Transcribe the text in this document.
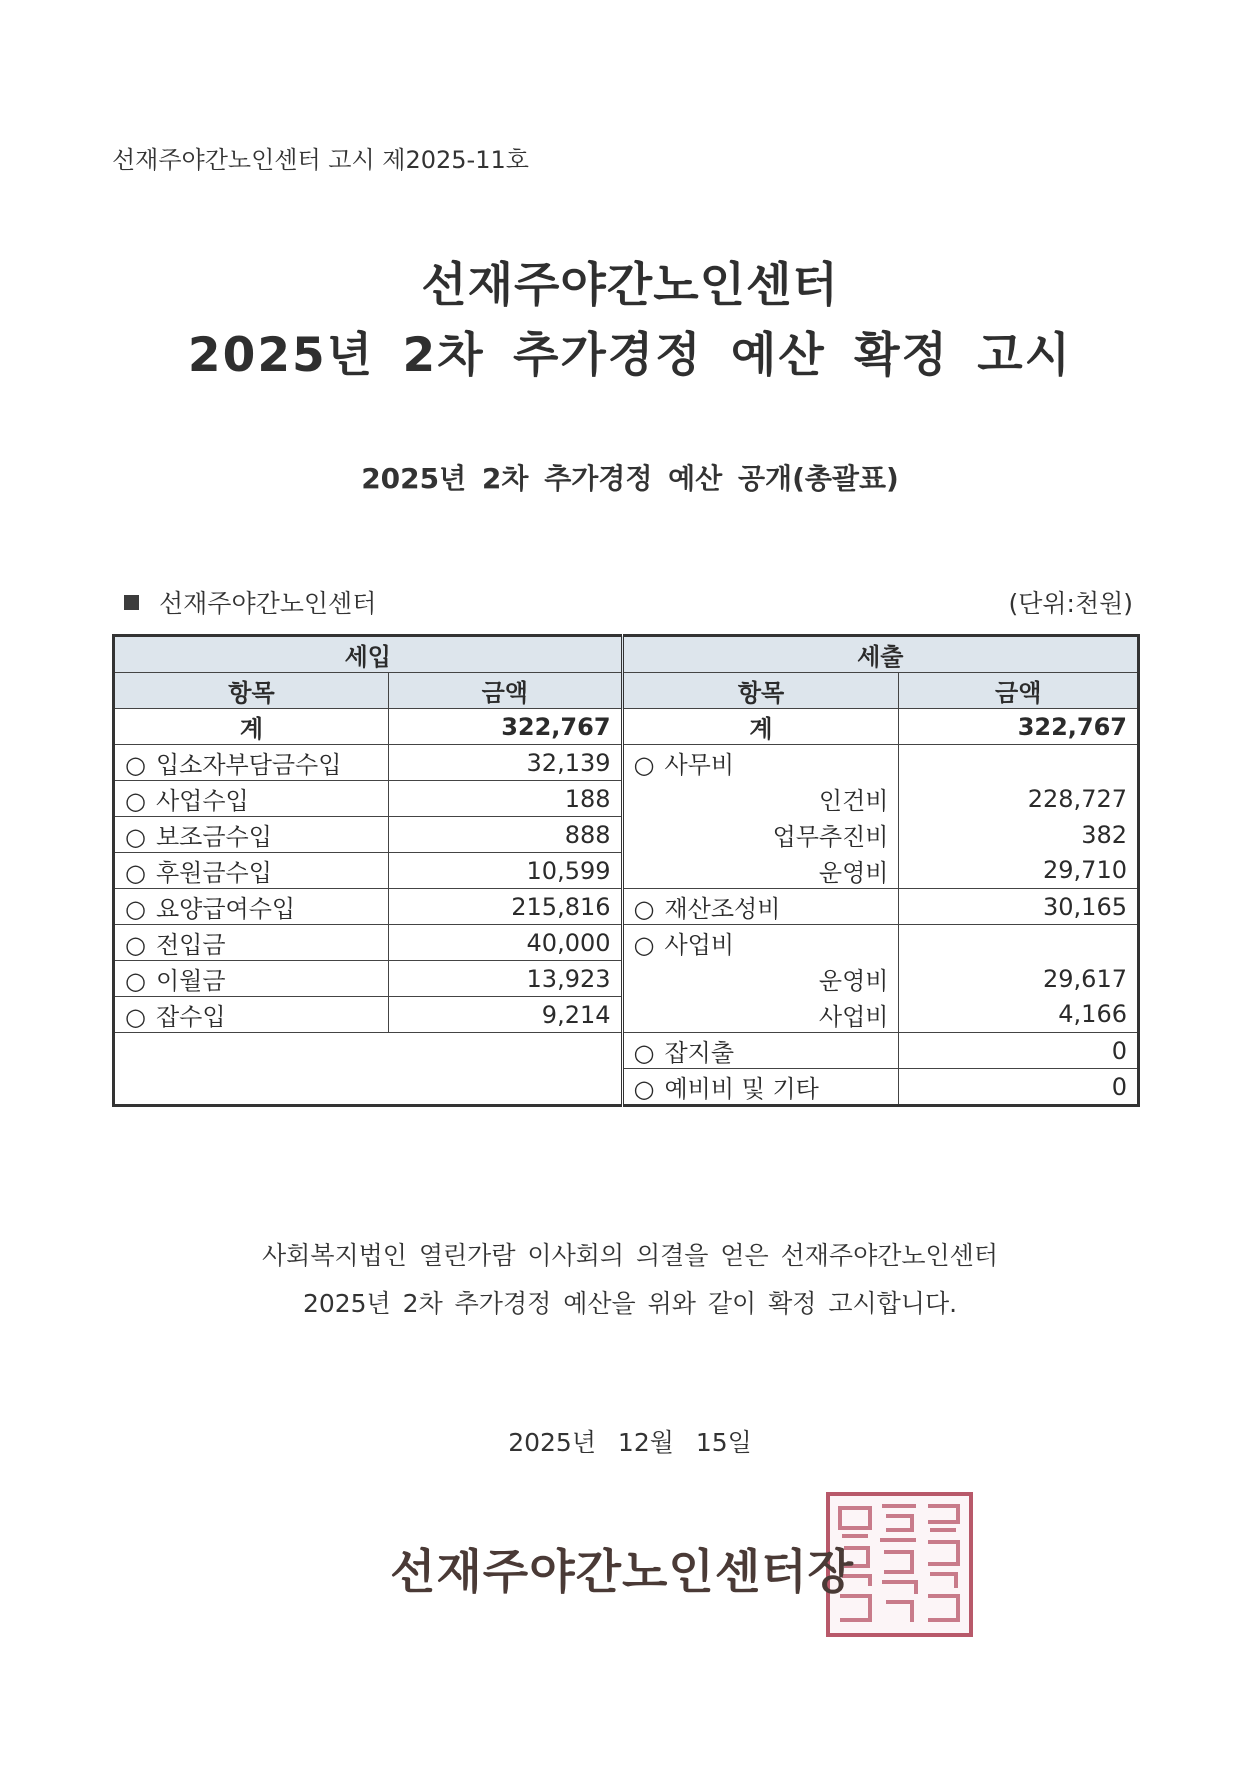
선재주야간노인센터 고시 제2025-11호
선재주야간노인센터
2025년 2차 추가경정 예산 확정 고시
2025년 2차 추가경정 예산 공개(총괄표)
선재주야간노인센터	(단위:천원)
세입		세출	
항목	금액	항목	금액
계	322,767	계	322,767
○ 입소자부담금수입	32,139	○ 사무비	
○ 사업수입	188	인건비	228,727
○ 보조금수입	888	업무추진비	382
○ 후원금수입	10,599	운영비	29,710
○ 요양급여수입	215,816	○ 재산조성비	30,165
○ 전입금	40,000	○ 사업비	
○ 이월금	13,923	운영비	29,617
○ 잡수입	9,214	사업비	4,166
		○ 잡지출	0
		○ 예비비 및 기타	0
사회복지법인 열린가람 이사회의 의결을 얻은 선재주야간노인센터
2025년 2차 추가경정 예산을 위와 같이 확정 고시합니다.
2025년 12월 15일
선재주야간노인센터장
